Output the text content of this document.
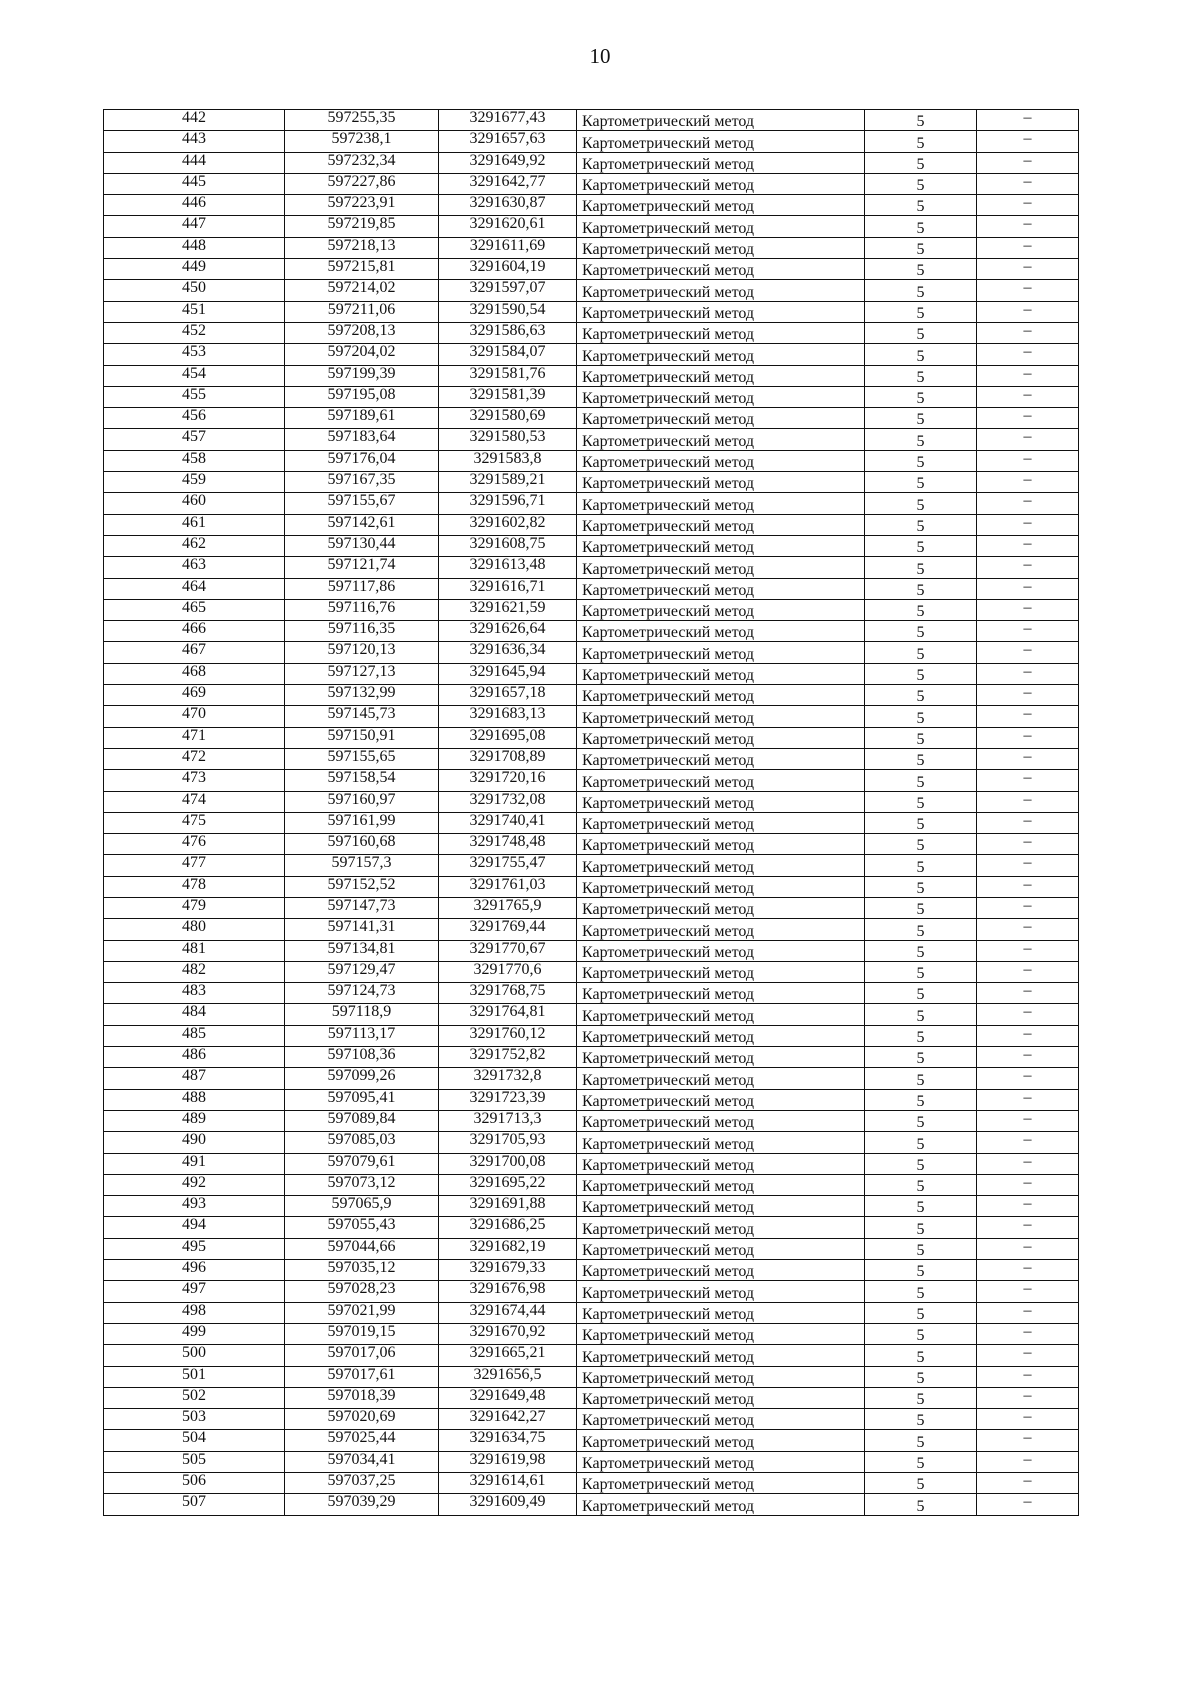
10
442	597255,35	3291677,43	Картометрический метод	5	–
443	597238,1	3291657,63	Картометрический метод	5	–
444	597232,34	3291649,92	Картометрический метод	5	–
445	597227,86	3291642,77	Картометрический метод	5	–
446	597223,91	3291630,87	Картометрический метод	5	–
447	597219,85	3291620,61	Картометрический метод	5	–
448	597218,13	3291611,69	Картометрический метод	5	–
449	597215,81	3291604,19	Картометрический метод	5	–
450	597214,02	3291597,07	Картометрический метод	5	–
451	597211,06	3291590,54	Картометрический метод	5	–
452	597208,13	3291586,63	Картометрический метод	5	–
453	597204,02	3291584,07	Картометрический метод	5	–
454	597199,39	3291581,76	Картометрический метод	5	–
455	597195,08	3291581,39	Картометрический метод	5	–
456	597189,61	3291580,69	Картометрический метод	5	–
457	597183,64	3291580,53	Картометрический метод	5	–
458	597176,04	3291583,8	Картометрический метод	5	–
459	597167,35	3291589,21	Картометрический метод	5	–
460	597155,67	3291596,71	Картометрический метод	5	–
461	597142,61	3291602,82	Картометрический метод	5	–
462	597130,44	3291608,75	Картометрический метод	5	–
463	597121,74	3291613,48	Картометрический метод	5	–
464	597117,86	3291616,71	Картометрический метод	5	–
465	597116,76	3291621,59	Картометрический метод	5	–
466	597116,35	3291626,64	Картометрический метод	5	–
467	597120,13	3291636,34	Картометрический метод	5	–
468	597127,13	3291645,94	Картометрический метод	5	–
469	597132,99	3291657,18	Картометрический метод	5	–
470	597145,73	3291683,13	Картометрический метод	5	–
471	597150,91	3291695,08	Картометрический метод	5	–
472	597155,65	3291708,89	Картометрический метод	5	–
473	597158,54	3291720,16	Картометрический метод	5	–
474	597160,97	3291732,08	Картометрический метод	5	–
475	597161,99	3291740,41	Картометрический метод	5	–
476	597160,68	3291748,48	Картометрический метод	5	–
477	597157,3	3291755,47	Картометрический метод	5	–
478	597152,52	3291761,03	Картометрический метод	5	–
479	597147,73	3291765,9	Картометрический метод	5	–
480	597141,31	3291769,44	Картометрический метод	5	–
481	597134,81	3291770,67	Картометрический метод	5	–
482	597129,47	3291770,6	Картометрический метод	5	–
483	597124,73	3291768,75	Картометрический метод	5	–
484	597118,9	3291764,81	Картометрический метод	5	–
485	597113,17	3291760,12	Картометрический метод	5	–
486	597108,36	3291752,82	Картометрический метод	5	–
487	597099,26	3291732,8	Картометрический метод	5	–
488	597095,41	3291723,39	Картометрический метод	5	–
489	597089,84	3291713,3	Картометрический метод	5	–
490	597085,03	3291705,93	Картометрический метод	5	–
491	597079,61	3291700,08	Картометрический метод	5	–
492	597073,12	3291695,22	Картометрический метод	5	–
493	597065,9	3291691,88	Картометрический метод	5	–
494	597055,43	3291686,25	Картометрический метод	5	–
495	597044,66	3291682,19	Картометрический метод	5	–
496	597035,12	3291679,33	Картометрический метод	5	–
497	597028,23	3291676,98	Картометрический метод	5	–
498	597021,99	3291674,44	Картометрический метод	5	–
499	597019,15	3291670,92	Картометрический метод	5	–
500	597017,06	3291665,21	Картометрический метод	5	–
501	597017,61	3291656,5	Картометрический метод	5	–
502	597018,39	3291649,48	Картометрический метод	5	–
503	597020,69	3291642,27	Картометрический метод	5	–
504	597025,44	3291634,75	Картометрический метод	5	–
505	597034,41	3291619,98	Картометрический метод	5	–
506	597037,25	3291614,61	Картометрический метод	5	–
507	597039,29	3291609,49	Картометрический метод	5	–
